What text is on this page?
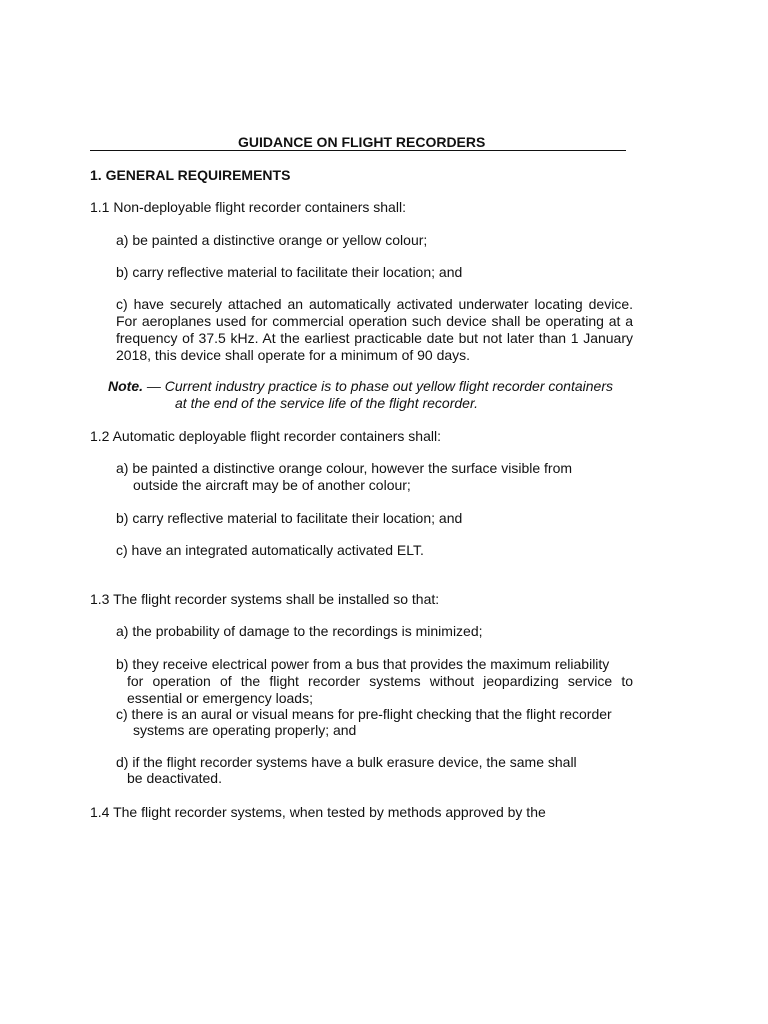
GUIDANCE ON FLIGHT RECORDERS
1. GENERAL REQUIREMENTS
1.1 Non-deployable flight recorder containers shall:
a) be painted a distinctive orange or yellow colour;
b) carry reflective material to facilitate their location; and
c) have securely attached an automatically activated underwater locating device. For aeroplanes used for commercial operation such device shall be operating at a frequency of 37.5 kHz. At the earliest practicable date but not later than 1 January 2018, this device shall operate for a minimum of 90 days.
Note. — Current industry practice is to phase out yellow flight recorder containers
at the end of the service life of the flight recorder.
1.2 Automatic deployable flight recorder containers shall:
a) be painted a distinctive orange colour, however the surface visible from
outside the aircraft may be of another colour;
b) carry reflective material to facilitate their location; and
c) have an integrated automatically activated ELT.
1.3 The flight recorder systems shall be installed so that:
a) the probability of damage to the recordings is minimized;
b) they receive electrical power from a bus that provides the maximum reliability
for operation of the flight recorder systems without jeopardizing service to essential or emergency loads;
c) there is an aural or visual means for pre-flight checking that the flight recorder
systems are operating properly; and
d) if the flight recorder systems have a bulk erasure device, the same shall
be deactivated.
1.4 The flight recorder systems, when tested by methods approved by the
